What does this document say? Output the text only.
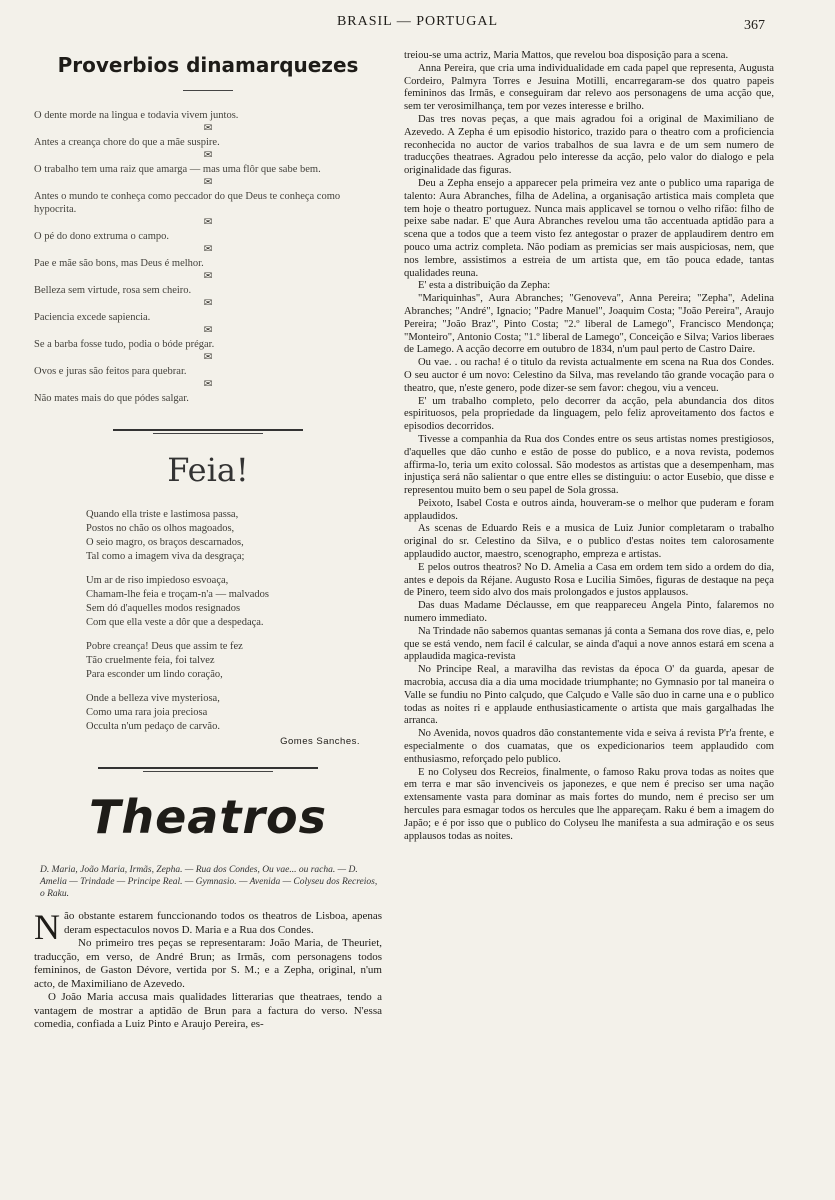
BRASIL — PORTUGAL	367
Proverbios dinamarquezes
O dente morde na lingua e todavia vivem juntos.
✉
Antes a creança chore do que a mãe suspire.
✉
O trabalho tem uma raiz que amarga — mas uma flôr que sabe bem.
✉
Antes o mundo te conheça como peccador do que Deus te conheça como hypocrita.
✉
O pé do dono extruma o campo.
✉
Pae e mãe são bons, mas Deus é melhor.
✉
Belleza sem virtude, rosa sem cheiro.
✉
Paciencia excede sapiencia.
✉
Se a barba fosse tudo, podia o bóde prégar.
✉
Ovos e juras são feitos para quebrar.
✉
Não mates mais do que pódes salgar.
Feia!
Quando ella triste e lastimosa passa,
Postos no chão os olhos magoados,
O seio magro, os braços descarnados,
Tal como a imagem viva da desgraça;
Um ar de riso impiedoso esvoaça,
Chamam-lhe feia e troçam-n'a — malvados
Sem dó d'aquelles modos resignados
Com que ella veste a dôr que a despedaça.
Pobre creança! Deus que assim te fez
Tão cruelmente feia, foi talvez
Para esconder um lindo coração,
Onde a belleza vive mysteriosa,
Como uma rara joia preciosa
Occulta n'um pedaço de carvão.
Gomes Sanches.
Theatros

D. Maria, João Maria, Irmãs, Zepha. — Rua dos Condes, Ou vae... ou racha. — D. Amelia — Trindade — Principe Real. — Gymnasio. — Avenida — Colyseu dos Recreios, o Raku.

Não obstante estarem funccionando todos os theatros de Lisboa, apenas deram espectaculos novos D. Maria e a Rua dos Condes.

No primeiro tres peças se representaram: João Maria, de Theuriet, traducção, em verso, de André Brun; as Irmãs, com personagens todos femininos, de Gaston Dévore, vertida por S. M.; e a Zepha, original, n'um acto, de Maximiliano de Azevedo.

O João Maria accusa mais qualidades litterarias que theatraes, tendo a vantagem de mostrar a aptidão de Brun para a factura do verso. N'essa comedia, confiada a Luiz Pinto e Araujo Pereira, es-

treiou-se uma actriz, Maria Mattos, que revelou boa disposição para a scena.

Anna Pereira, que cria uma individualidade em cada papel que representa, Augusta Cordeiro, Palmyra Torres e Jesuina Motilli, encarregaram-se dos quatro papeis femininos das Irmãs, e conseguiram dar relevo aos personagens de uma acção que, sem ter verosimilhança, tem por vezes interesse e brilho.

Das tres novas peças, a que mais agradou foi a original de Maximiliano de Azevedo. A Zepha é um episodio historico, trazido para o theatro com a proficiencia reconhecida no auctor de varios trabalhos de sua lavra e de um sem numero de traducções theatraes. Agradou pelo interesse da acção, pelo valor do dialogo e pela originalidade das figuras.

Deu a Zepha ensejo a apparecer pela primeira vez ante o publico uma rapariga de talento: Aura Abranches, filha de Adelina, a organisação artistica mais completa que tem hoje o theatro portuguez. Nunca mais applicavel se tornou o velho rifão: filho de peixe sabe nadar. E' que Aura Abranches revelou uma tão accentuada aptidão para a scena que a todos que a teem visto fez antegostar o prazer de applaudirem dentro em pouco uma actriz completa. Não podiam as premicias ser mais auspiciosas, nem, que nos lembre, assistimos a estreia de um artista que, em tão pouca edade, tantas qualidades reuna.

E' esta a distribuição da Zepha:

"Mariquinhas", Aura Abranches; "Genoveva", Anna Pereira; "Zepha", Adelina Abranches; "André", Ignacio; "Padre Manuel", Joaquim Costa; "João Pereira", Araujo Pereira; "João Braz", Pinto Costa; "2.º liberal de Lamego", Francisco Mendonça; "Monteiro", Antonio Costa; "1.º liberal de Lamego", Conceição e Silva; Varios liberaes de Lamego. A acção decorre em outubro de 1834, n'um paul perto de Castro Daire.

Ou vae. . ou racha! é o titulo da revista actualmente em scena na Rua dos Condes. O seu auctor é um novo: Celestino da Silva, mas revelando tão grande vocação para o theatro, que, n'este genero, pode dizer-se sem favor: chegou, viu a venceu.

E' um trabalho completo, pelo decorrer da acção, pela abundancia dos ditos espirituosos, pela propriedade da linguagem, pelo feliz aproveitamento dos factos e episodios decorridos.

Tivesse a companhia da Rua dos Condes entre os seus artistas nomes prestigiosos, d'aquelles que dão cunho e estão de posse do publico, e a nova revista, podemos affirma-lo, teria um exito colossal. São modestos as artistas que a desempenham, mas injustiça será não salientar o que entre elles se distinguiu: o actor Eusebio, que disse e representou muito bem o seu papel de Sola grossa.

Peixoto, Isabel Costa e outros ainda, houveram-se o melhor que puderam e foram applaudidos.

As scenas de Eduardo Reis e a musica de Luiz Junior completaram o trabalho original do sr. Celestino da Silva, e o publico d'estas noites tem calorosamente applaudido auctor, maestro, scenographo, empreza e artistas.

E pelos outros theatros? No D. Amelia a Casa em ordem tem sido a ordem do dia, antes e depois da Réjane. Augusto Rosa e Lucilia Simões, figuras de destaque na peça de Pinero, teem sido alvo dos mais prolongados e justos applausos.

Das duas Madame Déclausse, em que reappareceu Angela Pinto, falaremos no numero immediato.

Na Trindade não sabemos quantas semanas já conta a Semana dos rove dias, e, pelo que se está vendo, nem facil é calcular, se ainda d'aqui a nove annos estará em scena a applaudida magica-revista

No Principe Real, a maravilha das revistas da época O' da guarda, apesar de macrobia, accusa dia a dia uma mocidade triumphante; no Gymnasio por tal maneira o Valle se fundiu no Pinto calçudo, que Calçudo e Valle são duo in carne una e o publico todas as noites ri e applaude enthusiasticamente o artista que mais gargalhadas lhe arranca.

No Avenida, novos quadros dão constantemente vida e seiva á revista P'r'a frente, e especialmente o dos cuamatas, que os expedicionarios teem applaudido com enthusiasmo, reforçado pelo publico.

E no Colyseu dos Recreios, finalmente, o famoso Raku prova todas as noites que em terra e mar são invenciveis os japonezes, e que nem é preciso ser uma nação extensamente vasta para dominar as mais fortes do mundo, nem é preciso ser um hercules para esmagar todos os hercules que lhe appareçam. Raku é bem a imagem do Japão; e é por isso que o publico do Colyseu lhe manifesta a sua admiração e os seus applausos todas as noites.
